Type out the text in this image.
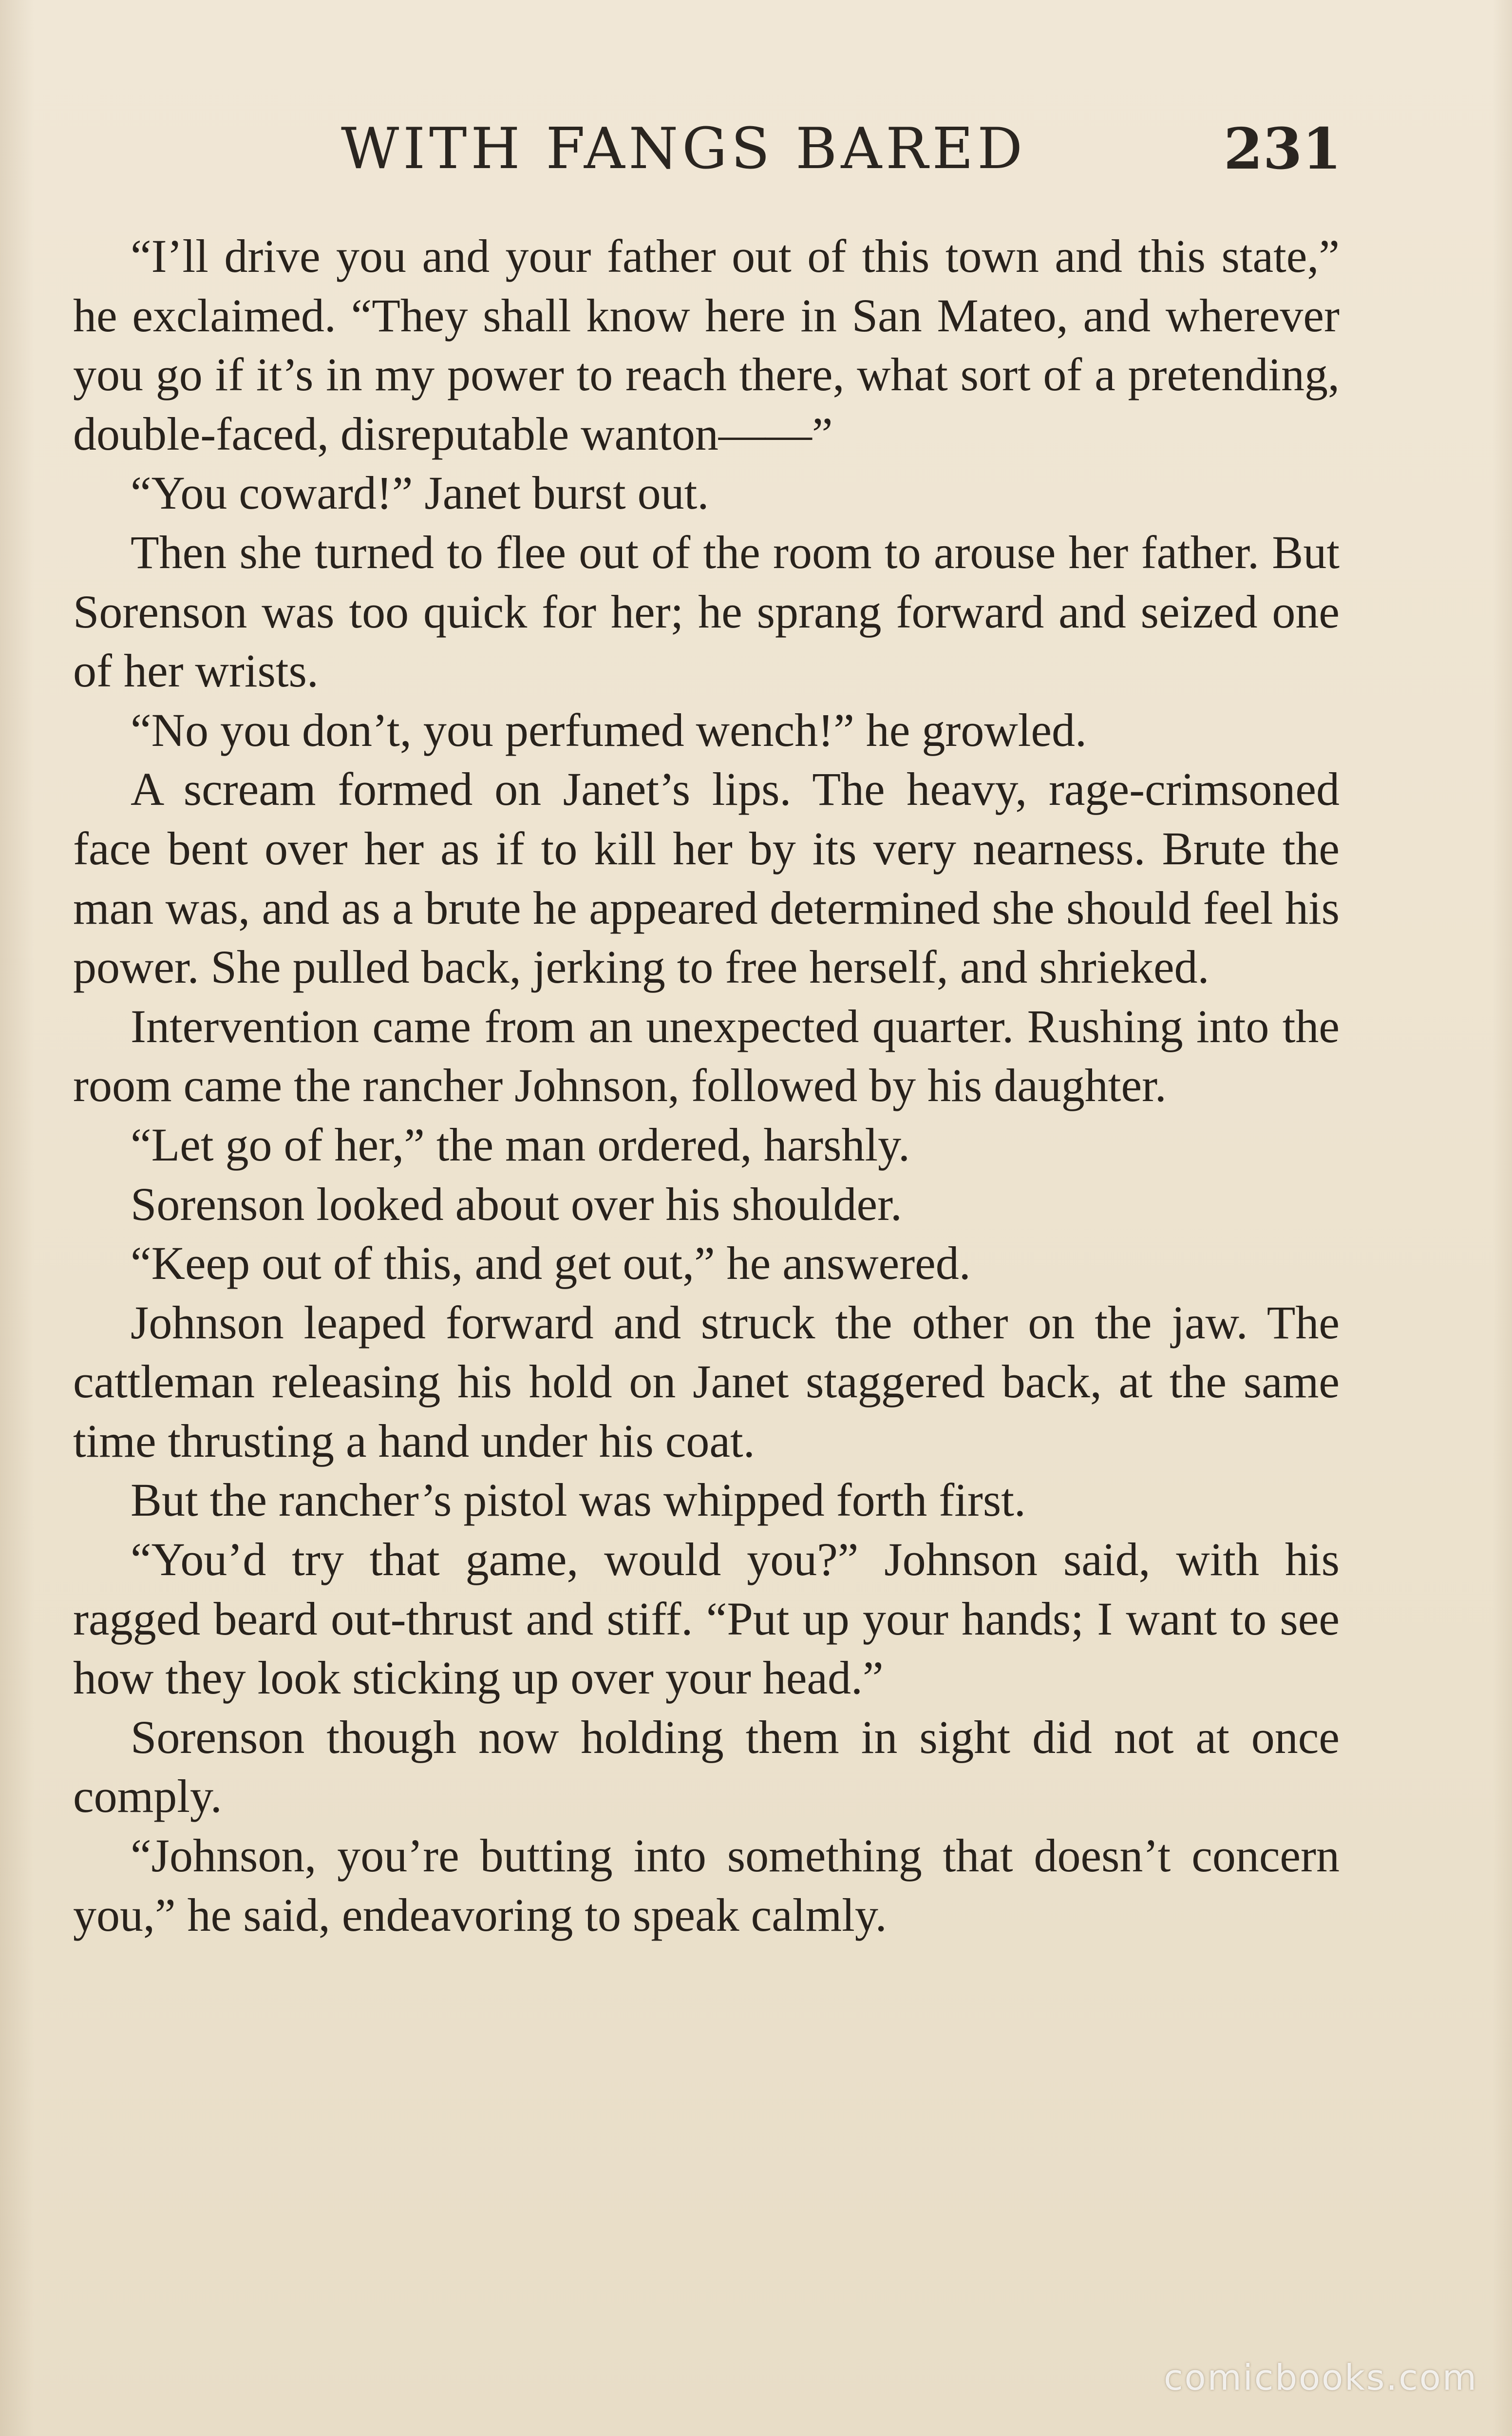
WITH FANGS BARED	231

“I’ll drive you and your father out of this town and this state,” he exclaimed. “They shall know here in San Mateo, and wherever you go if it’s in my power to reach there, what sort of a pretending, double-faced, disreputable wanton——”

“You coward!” Janet burst out.

Then she turned to flee out of the room to arouse her father. But Sorenson was too quick for her; he sprang forward and seized one of her wrists.

“No you don’t, you perfumed wench!” he growled.

A scream formed on Janet’s lips. The heavy, rage-crimsoned face bent over her as if to kill her by its very nearness. Brute the man was, and as a brute he appeared determined she should feel his power. She pulled back, jerking to free herself, and shrieked.

Intervention came from an unexpected quarter. Rushing into the room came the rancher Johnson, followed by his daughter.

“Let go of her,” the man ordered, harshly.

Sorenson looked about over his shoulder.

“Keep out of this, and get out,” he answered.

Johnson leaped forward and struck the other on the jaw. The cattleman releasing his hold on Janet staggered back, at the same time thrusting a hand under his coat.

But the rancher’s pistol was whipped forth first.

“You’d try that game, would you?” Johnson said, with his ragged beard out-thrust and stiff. “Put up your hands; I want to see how they look sticking up over your head.”

Sorenson though now holding them in sight did not at once comply.

“Johnson, you’re butting into something that doesn’t concern you,” he said, endeavoring to speak calmly.

comicbooks.com
